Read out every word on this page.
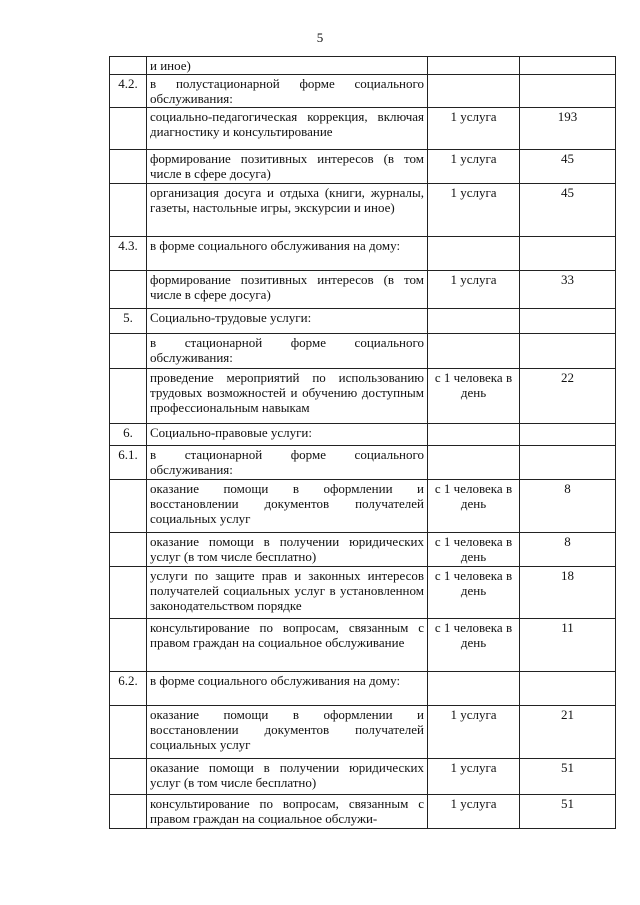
5
	и иное)		
4.2.	в полустационарной форме социального обслуживания:		
	социально-педагогическая коррекция, включая диагностику и консультирование	1 услуга	193
	формирование позитивных интересов (в том числе в сфере досуга)	1 услуга	45
	организация досуга и отдыха (книги, журналы, газеты, настольные игры, экскурсии и иное)	1 услуга	45
4.3.	в форме социального обслуживания на дому:		
	формирование позитивных интересов (в том числе в сфере досуга)	1 услуга	33
5.	Социально-трудовые услуги:		
	в стационарной форме социального обслуживания:		
	проведение мероприятий по использованию трудовых возможностей и обучению доступным профессиональным навыкам	с 1 человека в день	22
6.	Социально-правовые услуги:		
6.1.	в стационарной форме социального обслуживания:		
	оказание помощи в оформлении и восстановлении документов получателей социальных услуг	с 1 человека в день	8
	оказание помощи в получении юридических услуг (в том числе бесплатно)	с 1 человека в день	8
	услуги по защите прав и законных интересов получателей социальных услуг в установленном законодательством порядке	с 1 человека в день	18
	консультирование по вопросам, связанным с правом граждан на социальное обслуживание	с 1 человека в день	11
6.2.	в форме социального обслуживания на дому:		
	оказание помощи в оформлении и восстановлении документов получателей социальных услуг	1 услуга	21
	оказание помощи в получении юридических услуг (в том числе бесплатно)	1 услуга	51
	консультирование по вопросам, связанным с правом граждан на социальное обслужи-	1 услуга	51
